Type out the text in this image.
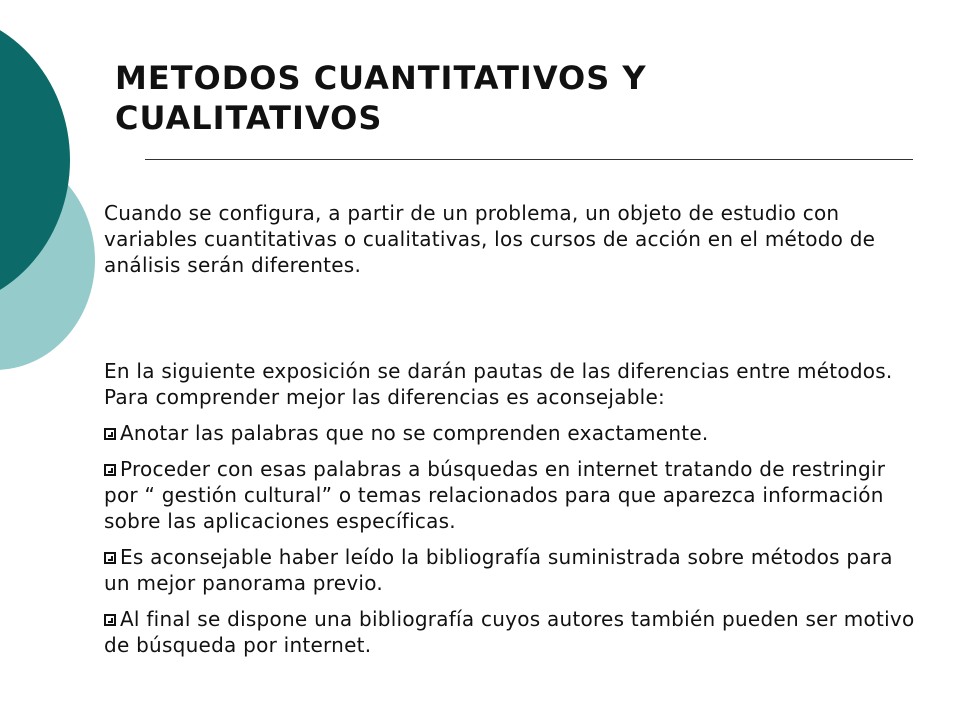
METODOS CUANTITATIVOS Y
CUALITATIVOS
Cuando se configura, a partir de un problema, un objeto de estudio con variables cuantitativas o cualitativas, los cursos de acción en el método de análisis serán diferentes.

En la siguiente exposición se darán pautas de las diferencias entre métodos. Para comprender mejor las diferencias es aconsejable:

Anotar las palabras que no se comprenden exactamente.
Proceder con esas palabras a búsquedas en internet tratando de restringir por “ gestión cultural” o temas relacionados para que aparezca información sobre las aplicaciones específicas.
Es aconsejable haber leído la bibliografía suministrada sobre métodos para un mejor panorama previo.
Al final se dispone una bibliografía cuyos autores también pueden ser motivo de búsqueda por internet.
